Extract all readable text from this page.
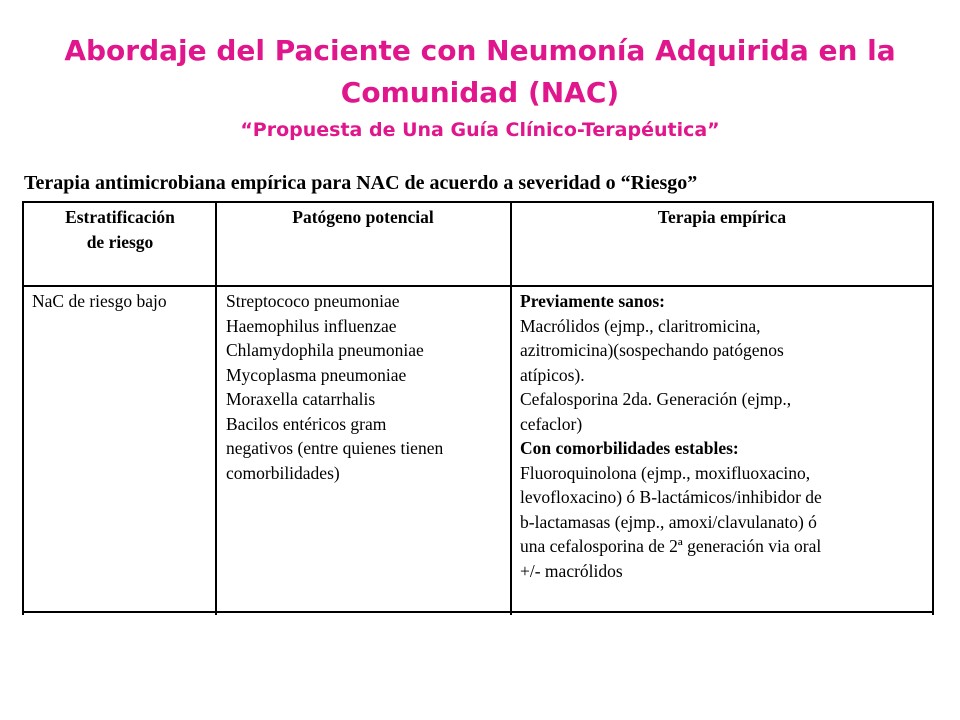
Abordaje del Paciente con Neumonía Adquirida en la
Comunidad (NAC)
“Propuesta de Una Guía Clínico-Terapéutica”
Terapia antimicrobiana empírica para NAC de acuerdo a severidad o “Riesgo”
Estratificación
de riesgo
Patógeno potencial	Terapia empírica
NaC de riesgo bajo	Streptococo pneumoniae
Haemophilus influenzae
Chlamydophila pneumoniae
Mycoplasma pneumoniae
Moraxella catarrhalis
Bacilos entéricos gram
negativos (entre quienes tienen
comorbilidades)
Previamente sanos:
Macrólidos (ejmp., claritromicina,
azitromicina)(sospechando patógenos
atípicos).
Cefalosporina 2da. Generación (ejmp.,
cefaclor)
Con comorbilidades estables:
Fluoroquinolona (ejmp., moxifluoxacino,
levofloxacino) ó B-lactámicos/inhibidor de
b-lactamasas (ejmp., amoxi/clavulanato) ó
una cefalosporina de 2ª generación via oral
+/- macrólidos
